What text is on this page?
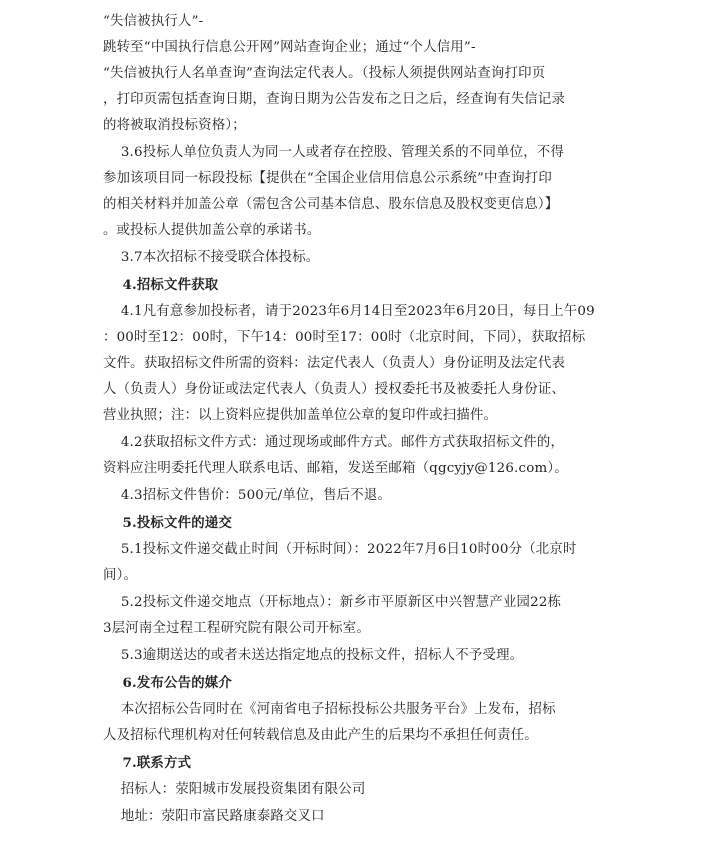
“失信被执行人”-
跳转至“中国执行信息公开网”网站查询企业；通过“个人信用”-
“失信被执行人名单查询”查询法定代表人。（投标人须提供网站查询打印页
，打印页需包括查询日期，查询日期为公告发布之日之后，经查询有失信记录
的将被取消投标资格）；
3.6投标人单位负责人为同一人或者存在控股、管理关系的不同单位，不得
参加该项目同一标段投标【提供在“全国企业信用信息公示系统”中查询打印
的相关材料并加盖公章（需包含公司基本信息、股东信息及股权变更信息）】
。或投标人提供加盖公章的承诺书。
3.7本次招标不接受联合体投标。
4.招标文件获取
4.1凡有意参加投标者，请于2023年6月14日至2023年6月20日，每日上午09
：00时至12：00时，下午14：00时至17：00时（北京时间，下同），获取招标
文件。获取招标文件所需的资料：法定代表人（负责人）身份证明及法定代表
人（负责人）身份证或法定代表人（负责人）授权委托书及被委托人身份证、
营业执照；注：以上资料应提供加盖单位公章的复印件或扫描件。
4.2获取招标文件方式：通过现场或邮件方式。邮件方式获取招标文件的，
资料应注明委托代理人联系电话、邮箱，发送至邮箱（qgcyjy@126.com）。
4.3招标文件售价：500元/单位，售后不退。
5.投标文件的递交
5.1投标文件递交截止时间（开标时间）：2022年7月6日10时00分（北京时
间）。
5.2投标文件递交地点（开标地点）：新乡市平原新区中兴智慧产业园22栋
3层河南全过程工程研究院有限公司开标室。
5.3逾期送达的或者未送达指定地点的投标文件，招标人不予受理。
6.发布公告的媒介
本次招标公告同时在《河南省电子招标投标公共服务平台》上发布，招标
人及招标代理机构对任何转载信息及由此产生的后果均不承担任何责任。
7.联系方式
招标人：荥阳城市发展投资集团有限公司
地址：荥阳市富民路康泰路交叉口
